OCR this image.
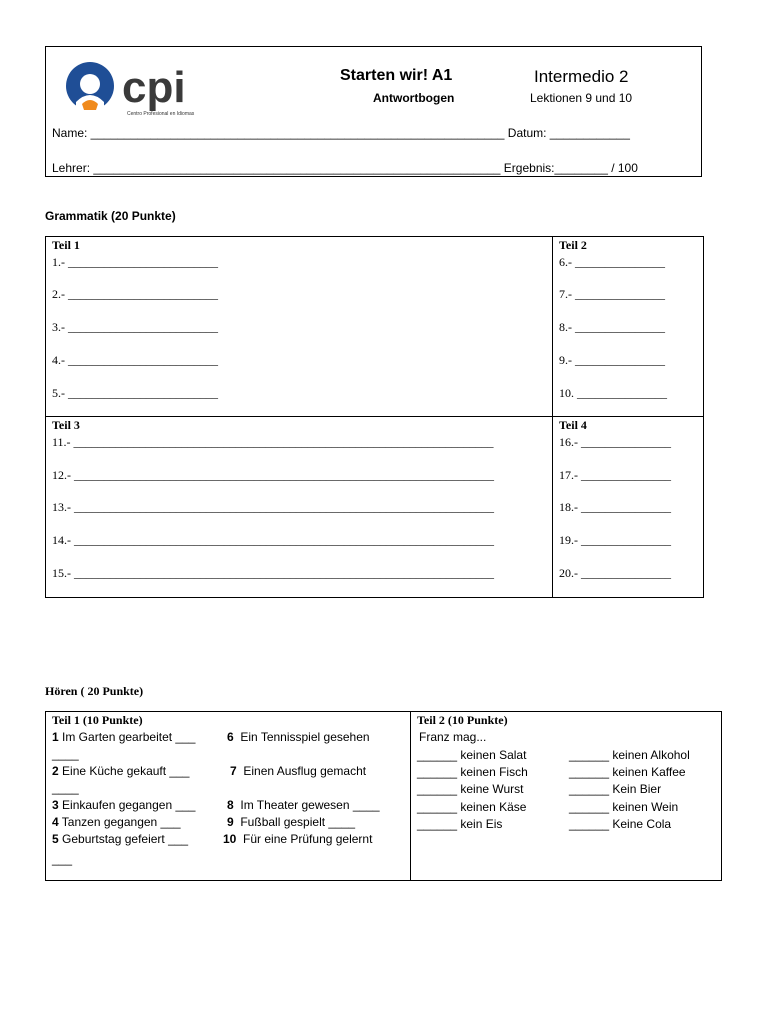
cpi
Centro Profesional en Idiomas
Starten wir! A1
Antwortbogen
Intermedio 2
Lektionen 9 und 10
Name: ______________________________________________________________ Datum: ____________
Lehrer: _____________________________________________________________ Ergebnis:________ / 100
Grammatik (20 Punkte)
Teil 1
1.- _________________________
2.- _________________________
3.- _________________________
4.- _________________________
5.- _________________________
Teil 2
6.- _______________
7.- _______________
8.- _______________
9.- _______________
10. _______________
Teil 3
11.- ______________________________________________________________________
12.- ______________________________________________________________________
13.- ______________________________________________________________________
14.- ______________________________________________________________________
15.- ______________________________________________________________________
Teil 4
16.- _______________
17.- _______________
18.- _______________
19.- _______________
20.- _______________
Hören ( 20 Punkte)
Teil 1 (10 Punkte)
1 Im Garten gearbeitet ___
____
2 Eine Küche gekauft ___
____
3 Einkaufen gegangen ___
4 Tanzen gegangen ___
5 Geburtstag gefeiert ___
___
6  Ein Tennisspiel gesehen
7  Einen Ausflug gemacht
8  Im Theater gewesen ____
9  Fußball gespielt ____
10  Für eine Prüfung gelernt
Teil 2 (10 Punkte)
Franz mag...
______ keinen Salat
______ keinen Fisch
______ keine Wurst
______ keinen Käse
______ kein Eis
______ keinen Alkohol
______ keinen Kaffee
______ Kein Bier
______ keinen Wein
______ Keine Cola
